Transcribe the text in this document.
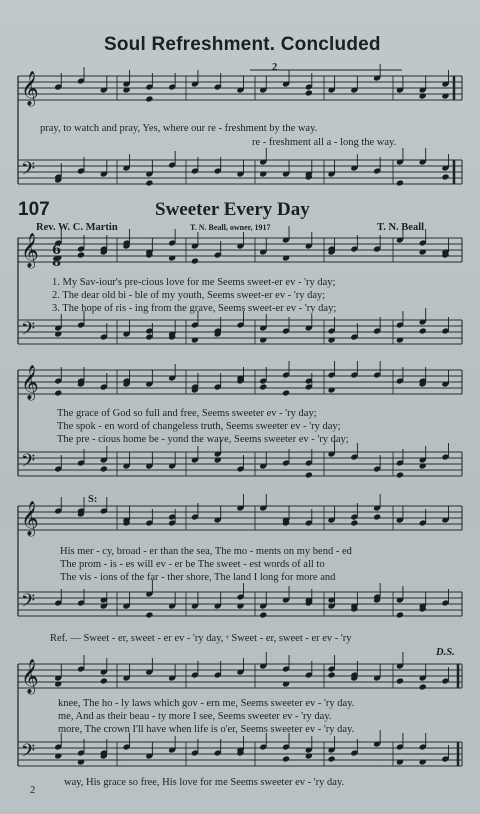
𝄞
𝄢
𝄞
𝄢
𝄞
𝄢
𝄞
𝄢
𝄞
𝄢
6
8
Soul Refreshment. Concluded
pray, to watch and pray, Yes, where our re - freshment by the way.
re - freshment all a - long the way.
107	Sweeter Every Day
Rev. W. C. Martin	T. N. Beall, owner, 1917	T. N. Beall
1. My Sav-iour's pre-cious love for me Seems sweet-er ev - 'ry day;
2. The dear old bi - ble of my youth, Seems sweet-er ev - 'ry day;
3. The hope of ris - ing from the grave, Seems sweet-er ev - 'ry day;
The grace of God so full and free, Seems sweeter ev - 'ry day;
The spok - en word of changeless truth, Seems sweeter ev - 'ry day;
The pre - cious home be - yond the wave, Seems sweeter ev - 'ry day;
His mer - cy, broad - er than the sea, The mo - ments on my bend - ed
The prom - is - es will ev - er be The sweet - est words of all to
The vis - ions of the far - ther shore, The land I long for more and
Ref. — Sweet - er, sweet - er ev - 'ry day, 𝄾 Sweet - er, sweet - er ev - 'ry
knee, The ho - ly laws which gov - ern me, Seems sweeter ev - 'ry day.
me, And as their beau - ty more I see, Seems sweeter ev - 'ry day.
more, The crown I'll have when life is o'er, Seems sweeter ev - 'ry day.
way, His grace so free, His love for me Seems sweeter ev - 'ry day.
2
S:
D.S.
2
